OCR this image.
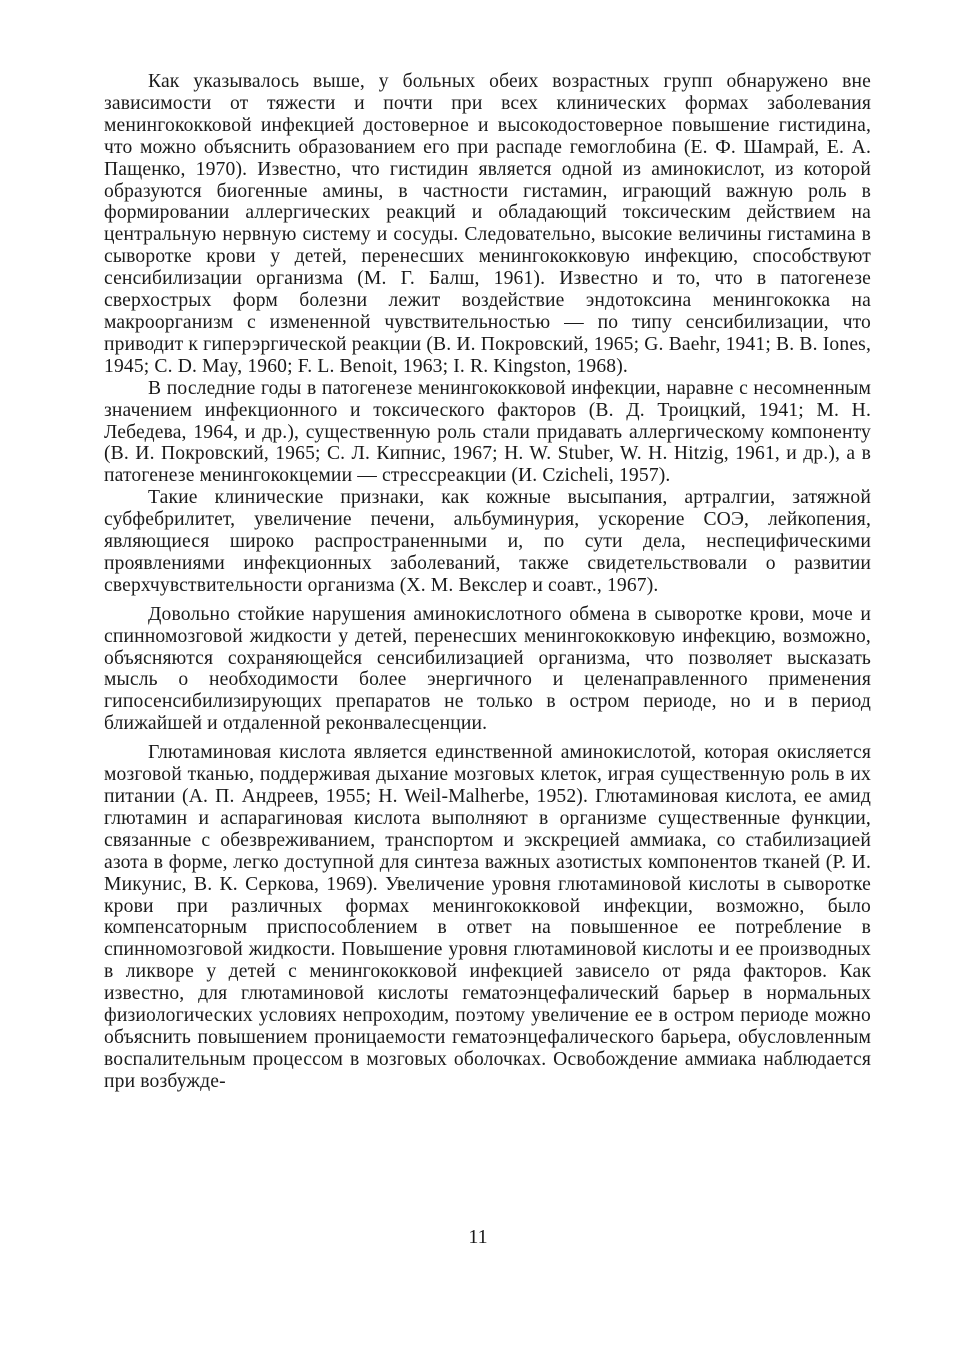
Как указывалось выше, у больных обеих возрастных групп обнаружено вне зависимости от тяжести и почти при всех клинических формах заболевания менингококковой инфекцией достоверное и высокодостоверное повышение гистидина, что можно объяснить образованием его при распаде гемоглобина (Е. Ф. Шамрай, Е. А. Пащенко, 1970). Известно, что гистидин является одной из аминокислот, из которой образуются биогенные амины, в частности гистамин, играющий важную роль в формировании аллергических реакций и обладающий токсическим действием на центральную нервную систему и сосуды. Следовательно, высокие величины гистамина в сыворотке крови у детей, перенесших менингококковую инфекцию, способствуют сенсибилизации организма (М. Г. Балш, 1961). Известно и то, что в патогенезе сверхострых форм болезни лежит воздействие эндотоксина менингококка на макроорганизм с измененной чувствительностью — по типу сенсибилизации, что приводит к гиперэргической реакции (В. И. Покровский, 1965; G. Baehr, 1941; B. B. Iones, 1945; C. D. May, 1960; F. L. Benoit, 1963; I. R. Kingston, 1968).

В последние годы в патогенезе менингококковой инфекции, наравне с несомненным значением инфекционного и токсического факторов (В. Д. Троицкий, 1941; М. Н. Лебедева, 1964, и др.), существенную роль стали придавать аллергическому компоненту (В. И. Покровский, 1965; С. Л. Кипнис, 1967; H. W. Stuber, W. H. Hitzig, 1961, и др.), а в патогенезе менингококцемии — стрессреакции (И. Czicheli, 1957).

Такие клинические признаки, как кожные высыпания, артралгии, затяжной субфебрилитет, увеличение печени, альбуминурия, ускорение СОЭ, лейкопения, являющиеся широко распространенными и, по сути дела, неспецифическими проявлениями инфекционных заболеваний, также свидетельствовали о развитии сверхчувствительности организма (Х. М. Векслер и соавт., 1967).

Довольно стойкие нарушения аминокислотного обмена в сыворотке крови, моче и спинномозговой жидкости у детей, перенесших менингококковую инфекцию, возможно, объясняются сохраняющейся сенсибилизацией организма, что позволяет высказать мысль о необходимости более энергичного и целенаправленного применения гипосенсибилизирующих препаратов не только в остром периоде, но и в период ближайшей и отдаленной реконвалесценции.

Глютаминовая кислота является единственной аминокислотой, которая окисляется мозговой тканью, поддерживая дыхание мозговых клеток, играя существенную роль в их питании (А. П. Андреев, 1955; H. Weil-Malherbe, 1952). Глютаминовая кислота, ее амид глютамин и аспарагиновая кислота выполняют в организме существенные функции, связанные с обезвреживанием, транспортом и экскрецией аммиака, со стабилизацией азота в форме, легко доступной для синтеза важных азотистых компонентов тканей (Р. И. Микунис, В. К. Серкова, 1969). Увеличение уровня глютаминовой кислоты в сыворотке крови при различных формах менингококковой инфекции, возможно, было компенсаторным приспособлением в ответ на повышенное ее потребление в спинномозговой жидкости. Повышение уровня глютаминовой кислоты и ее производных в ликворе у детей с менингококковой инфекцией зависело от ряда факторов. Как известно, для глютаминовой кислоты гематоэнцефалический барьер в нормальных физиологических условиях непроходим, поэтому увеличение ее в остром периоде можно объяснить повышением проницаемости гематоэнцефалического барьера, обусловленным воспалительным процессом в мозговых оболочках. Освобождение аммиака наблюдается при возбужде-

11
